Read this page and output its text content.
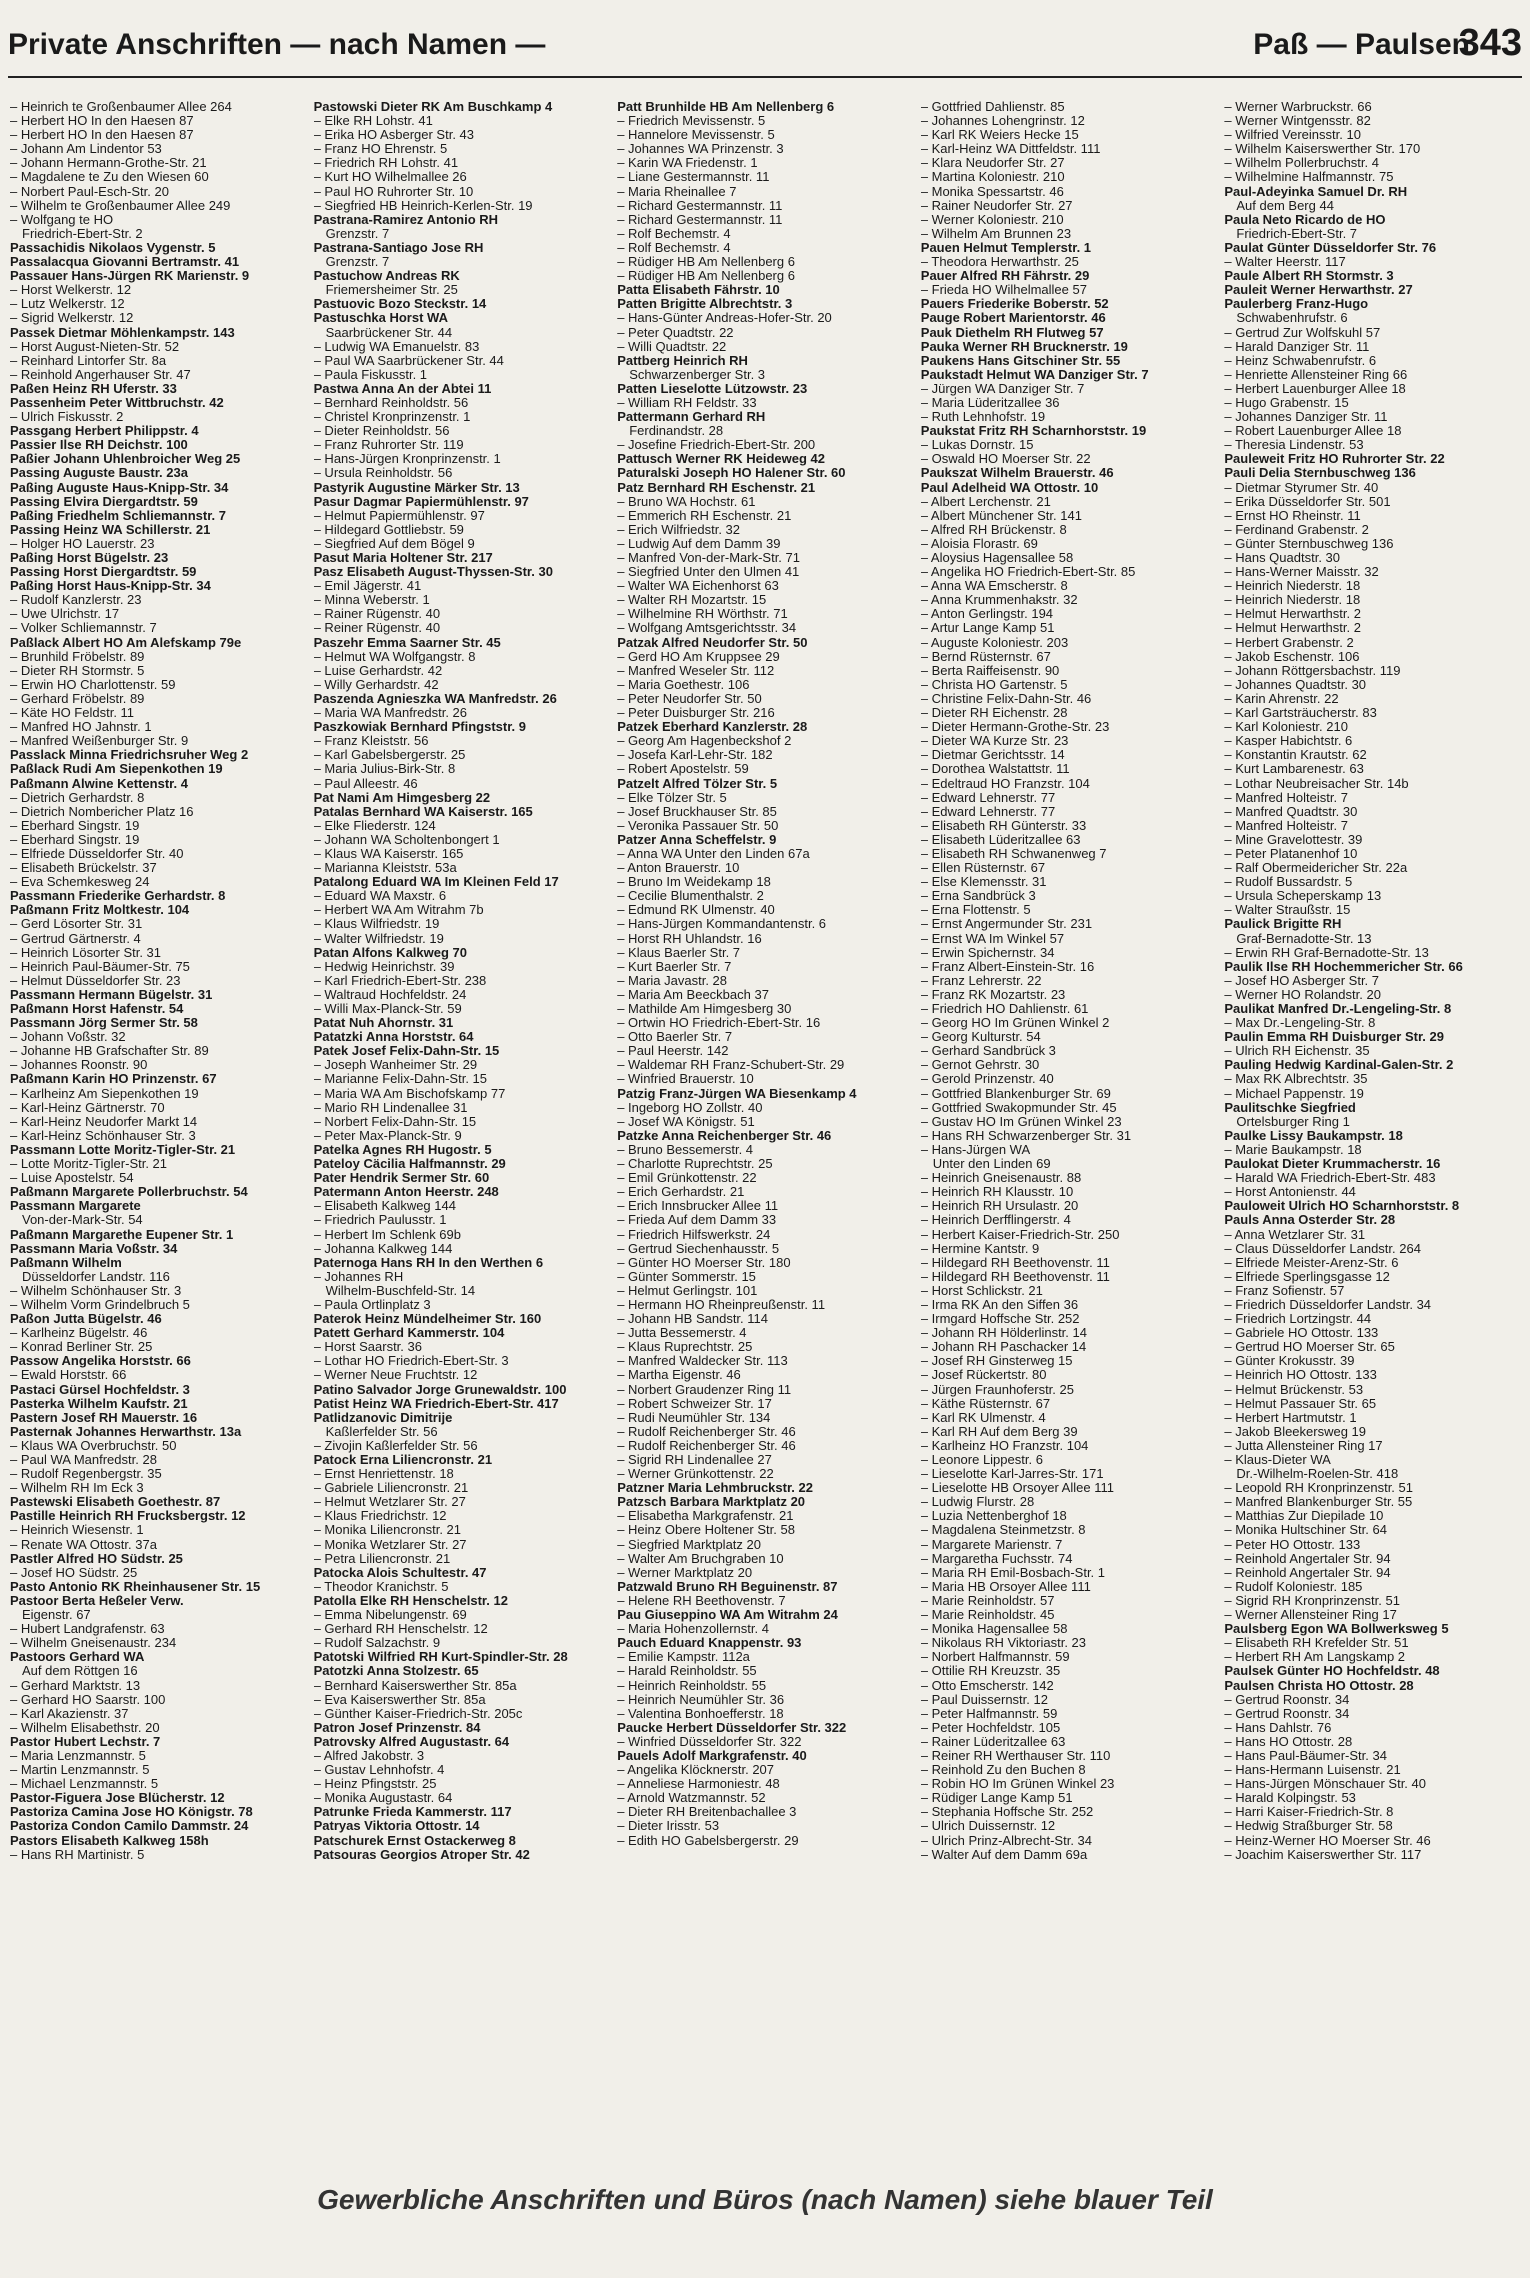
Private Anschriften — nach Namen —	Paß — Paulsen
343
– Heinrich te Großenbaumer Allee 264
– Herbert HO In den Haesen 87
– Herbert HO In den Haesen 87
– Johann Am Lindentor 53
– Johann Hermann-Grothe-Str. 21
– Magdalene te Zu den Wiesen 60
– Norbert Paul-Esch-Str. 20
– Wilhelm te Großenbaumer Allee 249
– Wolfgang te HO
Friedrich-Ebert-Str. 2
Passachidis Nikolaos Vygenstr. 5
Passalacqua Giovanni Bertramstr. 41
Passauer Hans-Jürgen RK Marienstr. 9
– Horst Welkerstr. 12
– Lutz Welkerstr. 12
– Sigrid Welkerstr. 12
Passek Dietmar Möhlenkampstr. 143
– Horst August-Nieten-Str. 52
– Reinhard Lintorfer Str. 8a
– Reinhold Angerhauser Str. 47
Paßen Heinz RH Uferstr. 33
Passenheim Peter Wittbruchstr. 42
– Ulrich Fiskusstr. 2
Passgang Herbert Philippstr. 4
Passier Ilse RH Deichstr. 100
Paßier Johann Uhlenbroicher Weg 25
Passing Auguste Baustr. 23a
Paßing Auguste Haus-Knipp-Str. 34
Passing Elvira Diergardtstr. 59
Paßing Friedhelm Schliemannstr. 7
Passing Heinz WA Schillerstr. 21
– Holger HO Lauerstr. 23
Paßing Horst Bügelstr. 23
Passing Horst Diergardtstr. 59
Paßing Horst Haus-Knipp-Str. 34
– Rudolf Kanzlerstr. 23
– Uwe Ulrichstr. 17
– Volker Schliemannstr. 7
Paßlack Albert HO Am Alefskamp 79e
– Brunhild Fröbelstr. 89
– Dieter RH Stormstr. 5
– Erwin HO Charlottenstr. 59
– Gerhard Fröbelstr. 89
– Käte HO Feldstr. 11
– Manfred HO Jahnstr. 1
– Manfred Weißenburger Str. 9
Passlack Minna Friedrichsruher Weg 2
Paßlack Rudi Am Siepenkothen 19
Paßmann Alwine Kettenstr. 4
– Dietrich Gerhardstr. 8
– Dietrich Nombericher Platz 16
– Eberhard Singstr. 19
– Eberhard Singstr. 19
– Elfriede Düsseldorfer Str. 40
– Elisabeth Brückelstr. 37
– Eva Schemkesweg 24
Passmann Friederike Gerhardstr. 8
Paßmann Fritz Moltkestr. 104
– Gerd Lösorter Str. 31
– Gertrud Gärtnerstr. 4
– Heinrich Lösorter Str. 31
– Heinrich Paul-Bäumer-Str. 75
– Helmut Düsseldorfer Str. 23
Passmann Hermann Bügelstr. 31
Paßmann Horst Hafenstr. 54
Passmann Jörg Sermer Str. 58
– Johann Voßstr. 32
– Johanne HB Grafschafter Str. 89
– Johannes Roonstr. 90
Paßmann Karin HO Prinzenstr. 67
– Karlheinz Am Siepenkothen 19
– Karl-Heinz Gärtnerstr. 70
– Karl-Heinz Neudorfer Markt 14
– Karl-Heinz Schönhauser Str. 3
Passmann Lotte Moritz-Tigler-Str. 21
– Lotte Moritz-Tigler-Str. 21
– Luise Apostelstr. 54
Paßmann Margarete Pollerbruchstr. 54
Passmann Margarete
Von-der-Mark-Str. 54
Paßmann Margarethe Eupener Str. 1
Passmann Maria Voßstr. 34
Paßmann Wilhelm
Düsseldorfer Landstr. 116
– Wilhelm Schönhauser Str. 3
– Wilhelm Vorm Grindelbruch 5
Paßon Jutta Bügelstr. 46
– Karlheinz Bügelstr. 46
– Konrad Berliner Str. 25
Passow Angelika Horststr. 66
– Ewald Horststr. 66
Pastaci Gürsel Hochfeldstr. 3
Pasterka Wilhelm Kaufstr. 21
Pastern Josef RH Mauerstr. 16
Pasternak Johannes Herwarthstr. 13a
– Klaus WA Overbruchstr. 50
– Paul WA Manfredstr. 28
– Rudolf Regenbergstr. 35
– Wilhelm RH Im Eck 3
Pastewski Elisabeth Goethestr. 87
Pastille Heinrich RH Frucksbergstr. 12
– Heinrich Wiesenstr. 1
– Renate WA Ottostr. 37a
Pastler Alfred HO Südstr. 25
– Josef HO Südstr. 25
Pasto Antonio RK Rheinhausener Str. 15
Pastoor Berta Heßeler Verw.
Eigenstr. 67
– Hubert Landgrafenstr. 63
– Wilhelm Gneisenaustr. 234
Pastoors Gerhard WA
Auf dem Röttgen 16
– Gerhard Marktstr. 13
– Gerhard HO Saarstr. 100
– Karl Akazienstr. 37
– Wilhelm Elisabethstr. 20
Pastor Hubert Lechstr. 7
– Maria Lenzmannstr. 5
– Martin Lenzmannstr. 5
– Michael Lenzmannstr. 5
Pastor-Figuera Jose Blücherstr. 12
Pastoriza Camina Jose HO Königstr. 78
Pastoriza Condon Camilo Dammstr. 24
Pastors Elisabeth Kalkweg 158h
– Hans RH Martinistr. 5
Pastowski Dieter RK Am Buschkamp 4
– Elke RH Lohstr. 41
– Erika HO Asberger Str. 43
– Franz HO Ehrenstr. 5
– Friedrich RH Lohstr. 41
– Kurt HO Wilhelmallee 26
– Paul HO Ruhrorter Str. 10
– Siegfried HB Heinrich-Kerlen-Str. 19
Pastrana-Ramirez Antonio RH
Grenzstr. 7
Pastrana-Santiago Jose RH
Grenzstr. 7
Pastuchow Andreas RK
Friemersheimer Str. 25
Pastuovic Bozo Steckstr. 14
Pastuschka Horst WA
Saarbrückener Str. 44
– Ludwig WA Emanuelstr. 83
– Paul WA Saarbrückener Str. 44
– Paula Fiskusstr. 1
Pastwa Anna An der Abtei 11
– Bernhard Reinholdstr. 56
– Christel Kronprinzenstr. 1
– Dieter Reinholdstr. 56
– Franz Ruhrorter Str. 119
– Hans-Jürgen Kronprinzenstr. 1
– Ursula Reinholdstr. 56
Pastyrik Augustine Märker Str. 13
Pasur Dagmar Papiermühlenstr. 97
– Helmut Papiermühlenstr. 97
– Hildegard Gottliebstr. 59
– Siegfried Auf dem Bögel 9
Pasut Maria Holtener Str. 217
Pasz Elisabeth August-Thyssen-Str. 30
– Emil Jägerstr. 41
– Minna Weberstr. 1
– Rainer Rügenstr. 40
– Reiner Rügenstr. 40
Paszehr Emma Saarner Str. 45
– Helmut WA Wolfgangstr. 8
– Luise Gerhardstr. 42
– Willy Gerhardstr. 42
Paszenda Agnieszka WA Manfredstr. 26
– Maria WA Manfredstr. 26
Paszkowiak Bernhard Pfingststr. 9
– Franz Kleiststr. 56
– Karl Gabelsbergerstr. 25
– Maria Julius-Birk-Str. 8
– Paul Alleestr. 46
Pat Nami Am Himgesberg 22
Patalas Bernhard WA Kaiserstr. 165
– Elke Fliederstr. 124
– Johann WA Scholtenbongert 1
– Klaus WA Kaiserstr. 165
– Marianna Kleiststr. 53a
Patalong Eduard WA Im Kleinen Feld 17
– Eduard WA Maxstr. 6
– Herbert WA Am Witrahm 7b
– Klaus Wilfriedstr. 19
– Walter Wilfriedstr. 19
Patan Alfons Kalkweg 70
– Hedwig Heinrichstr. 39
– Karl Friedrich-Ebert-Str. 238
– Waltraud Hochfeldstr. 24
– Willi Max-Planck-Str. 59
Patat Nuh Ahornstr. 31
Patatzki Anna Horststr. 64
Patek Josef Felix-Dahn-Str. 15
– Joseph Wanheimer Str. 29
– Marianne Felix-Dahn-Str. 15
– Maria WA Am Bischofskamp 77
– Mario RH Lindenallee 31
– Norbert Felix-Dahn-Str. 15
– Peter Max-Planck-Str. 9
Patelka Agnes RH Hugostr. 5
Pateloy Cäcilia Halfmannstr. 29
Pater Hendrik Sermer Str. 60
Patermann Anton Heerstr. 248
– Elisabeth Kalkweg 144
– Friedrich Paulusstr. 1
– Herbert Im Schlenk 69b
– Johanna Kalkweg 144
Paternoga Hans RH In den Werthen 6
– Johannes RH
Wilhelm-Buschfeld-Str. 14
– Paula Ortlinplatz 3
Paterok Heinz Mündelheimer Str. 160
Patett Gerhard Kammerstr. 104
– Horst Saarstr. 36
– Lothar HO Friedrich-Ebert-Str. 3
– Werner Neue Fruchtstr. 12
Patino Salvador Jorge Grunewaldstr. 100
Patist Heinz WA Friedrich-Ebert-Str. 417
Patlidzanovic Dimitrije
Kaßlerfelder Str. 56
– Zivojin Kaßlerfelder Str. 56
Patock Erna Liliencronstr. 21
– Ernst Henriettenstr. 18
– Gabriele Liliencronstr. 21
– Helmut Wetzlarer Str. 27
– Klaus Friedrichstr. 12
– Monika Liliencronstr. 21
– Monika Wetzlarer Str. 27
– Petra Liliencronstr. 21
Patocka Alois Schultestr. 47
– Theodor Kranichstr. 5
Patolla Elke RH Henschelstr. 12
– Emma Nibelungenstr. 69
– Gerhard RH Henschelstr. 12
– Rudolf Salzachstr. 9
Patotski Wilfried RH Kurt-Spindler-Str. 28
Patotzki Anna Stolzestr. 65
– Bernhard Kaiserswerther Str. 85a
– Eva Kaiserswerther Str. 85a
– Günther Kaiser-Friedrich-Str. 205c
Patron Josef Prinzenstr. 84
Patrovsky Alfred Augustastr. 64
– Alfred Jakobstr. 3
– Gustav Lehnhofstr. 4
– Heinz Pfingststr. 25
– Monika Augustastr. 64
Patrunke Frieda Kammerstr. 117
Patryas Viktoria Ottostr. 14
Patschurek Ernst Ostackerweg 8
Patsouras Georgios Atroper Str. 42
Patt Brunhilde HB Am Nellenberg 6
– Friedrich Mevissenstr. 5
– Hannelore Mevissenstr. 5
– Johannes WA Prinzenstr. 3
– Karin WA Friedenstr. 1
– Liane Gestermannstr. 11
– Maria Rheinallee 7
– Richard Gestermannstr. 11
– Richard Gestermannstr. 11
– Rolf Bechemstr. 4
– Rolf Bechemstr. 4
– Rüdiger HB Am Nellenberg 6
– Rüdiger HB Am Nellenberg 6
Patta Elisabeth Fährstr. 10
Patten Brigitte Albrechtstr. 3
– Hans-Günter Andreas-Hofer-Str. 20
– Peter Quadtstr. 22
– Willi Quadtstr. 22
Pattberg Heinrich RH
Schwarzenberger Str. 3
Patten Lieselotte Lützowstr. 23
– William RH Feldstr. 33
Pattermann Gerhard RH
Ferdinandstr. 28
– Josefine Friedrich-Ebert-Str. 200
Pattusch Werner RK Heideweg 42
Paturalski Joseph HO Halener Str. 60
Patz Bernhard RH Eschenstr. 21
– Bruno WA Hochstr. 61
– Emmerich RH Eschenstr. 21
– Erich Wilfriedstr. 32
– Ludwig Auf dem Damm 39
– Manfred Von-der-Mark-Str. 71
– Siegfried Unter den Ulmen 41
– Walter WA Eichenhorst 63
– Walter RH Mozartstr. 15
– Wilhelmine RH Wörthstr. 71
– Wolfgang Amtsgerichtsstr. 34
Patzak Alfred Neudorfer Str. 50
– Gerd HO Am Kruppsee 29
– Manfred Weseler Str. 112
– Maria Goethestr. 106
– Peter Neudorfer Str. 50
– Peter Duisburger Str. 216
Patzek Eberhard Kanzlerstr. 28
– Georg Am Hagenbeckshof 2
– Josefa Karl-Lehr-Str. 182
– Robert Apostelstr. 59
Patzelt Alfred Tölzer Str. 5
– Elke Tölzer Str. 5
– Josef Bruckhauser Str. 85
– Veronika Passauer Str. 50
Patzer Anna Scheffelstr. 9
– Anna WA Unter den Linden 67a
– Anton Brauerstr. 10
– Bruno Im Weidekamp 18
– Cecilie Blumenthalstr. 2
– Edmund RK Ulmenstr. 40
– Hans-Jürgen Kommandantenstr. 6
– Horst RH Uhlandstr. 16
– Klaus Baerler Str. 7
– Kurt Baerler Str. 7
– Maria Javastr. 28
– Maria Am Beeckbach 37
– Mathilde Am Himgesberg 30
– Ortwin HO Friedrich-Ebert-Str. 16
– Otto Baerler Str. 7
– Paul Heerstr. 142
– Waldemar RH Franz-Schubert-Str. 29
– Winfried Brauerstr. 10
Patzig Franz-Jürgen WA Biesenkamp 4
– Ingeborg HO Zollstr. 40
– Josef WA Königstr. 51
Patzke Anna Reichenberger Str. 46
– Bruno Bessemerstr. 4
– Charlotte Ruprechtstr. 25
– Emil Grünkottenstr. 22
– Erich Gerhardstr. 21
– Erich Innsbrucker Allee 11
– Frieda Auf dem Damm 33
– Friedrich Hilfswerkstr. 24
– Gertrud Siechenhausstr. 5
– Günter HO Moerser Str. 180
– Günter Sommerstr. 15
– Helmut Gerlingstr. 101
– Hermann HO Rheinpreußenstr. 11
– Johann HB Sandstr. 114
– Jutta Bessemerstr. 4
– Klaus Ruprechtstr. 25
– Manfred Waldecker Str. 113
– Martha Eigenstr. 46
– Norbert Graudenzer Ring 11
– Robert Schweizer Str. 17
– Rudi Neumühler Str. 134
– Rudolf Reichenberger Str. 46
– Rudolf Reichenberger Str. 46
– Sigrid RH Lindenallee 27
– Werner Grünkottenstr. 22
Patzner Maria Lehmbruckstr. 22
Patzsch Barbara Marktplatz 20
– Elisabetha Markgrafenstr. 21
– Heinz Obere Holtener Str. 58
– Siegfried Marktplatz 20
– Walter Am Bruchgraben 10
– Werner Marktplatz 20
Patzwald Bruno RH Beguinenstr. 87
– Helene RH Beethovenstr. 7
Pau Giuseppino WA Am Witrahm 24
– Maria Hohenzollernstr. 4
Pauch Eduard Knappenstr. 93
– Emilie Kampstr. 112a
– Harald Reinholdstr. 55
– Heinrich Reinholdstr. 55
– Heinrich Neumühler Str. 36
– Valentina Bonhoefferstr. 18
Paucke Herbert Düsseldorfer Str. 322
– Winfried Düsseldorfer Str. 322
Pauels Adolf Markgrafenstr. 40
– Angelika Klöcknerstr. 207
– Anneliese Harmoniestr. 48
– Arnold Watzmannstr. 52
– Dieter RH Breitenbachallee 3
– Dieter Irisstr. 53
– Edith HO Gabelsbergerstr. 29
– Gottfried Dahlienstr. 85
– Johannes Lohengrinstr. 12
– Karl RK Weiers Hecke 15
– Karl-Heinz WA Dittfeldstr. 111
– Klara Neudorfer Str. 27
– Martina Koloniestr. 210
– Monika Spessartstr. 46
– Rainer Neudorfer Str. 27
– Werner Koloniestr. 210
– Wilhelm Am Brunnen 23
Pauen Helmut Templerstr. 1
– Theodora Herwarthstr. 25
Pauer Alfred RH Fährstr. 29
– Frieda HO Wilhelmallee 57
Pauers Friederike Boberstr. 52
Pauge Robert Marientorstr. 46
Pauk Diethelm RH Flutweg 57
Pauka Werner RH Brucknerstr. 19
Paukens Hans Gitschiner Str. 55
Paukstadt Helmut WA Danziger Str. 7
– Jürgen WA Danziger Str. 7
– Maria Lüderitzallee 36
– Ruth Lehnhofstr. 19
Paukstat Fritz RH Scharnhorststr. 19
– Lukas Dornstr. 15
– Oswald HO Moerser Str. 22
Paukszat Wilhelm Brauerstr. 46
Paul Adelheid WA Ottostr. 10
– Albert Lerchenstr. 21
– Albert Münchener Str. 141
– Alfred RH Brückenstr. 8
– Aloisia Florastr. 69
– Aloysius Hagensallee 58
– Angelika HO Friedrich-Ebert-Str. 85
– Anna WA Emscherstr. 8
– Anna Krummenhakstr. 32
– Anton Gerlingstr. 194
– Artur Lange Kamp 51
– Auguste Koloniestr. 203
– Bernd Rüsternstr. 67
– Berta Raiffeisenstr. 90
– Christa HO Gartenstr. 5
– Christine Felix-Dahn-Str. 46
– Dieter RH Eichenstr. 28
– Dieter Hermann-Grothe-Str. 23
– Dieter WA Kurze Str. 23
– Dietmar Gerichtsstr. 14
– Dorothea Walstattstr. 11
– Edeltraud HO Franzstr. 104
– Edward Lehnerstr. 77
– Edward Lehnerstr. 77
– Elisabeth RH Günterstr. 33
– Elisabeth Lüderitzallee 63
– Elisabeth RH Schwanenweg 7
– Ellen Rüsternstr. 67
– Else Klemensstr. 31
– Erna Sandbrück 3
– Erna Flottenstr. 5
– Ernst Angermunder Str. 231
– Ernst WA Im Winkel 57
– Erwin Spichernstr. 34
– Franz Albert-Einstein-Str. 16
– Franz Lehrerstr. 22
– Franz RK Mozartstr. 23
– Friedrich HO Dahlienstr. 61
– Georg HO Im Grünen Winkel 2
– Georg Kulturstr. 54
– Gerhard Sandbrück 3
– Gernot Gehrstr. 30
– Gerold Prinzenstr. 40
– Gottfried Blankenburger Str. 69
– Gottfried Swakopmunder Str. 45
– Gustav HO Im Grünen Winkel 23
– Hans RH Schwarzenberger Str. 31
– Hans-Jürgen WA
Unter den Linden 69
– Heinrich Gneisenaustr. 88
– Heinrich RH Klausstr. 10
– Heinrich RH Ursulastr. 20
– Heinrich Derfflingerstr. 4
– Herbert Kaiser-Friedrich-Str. 250
– Hermine Kantstr. 9
– Hildegard RH Beethovenstr. 11
– Hildegard RH Beethovenstr. 11
– Horst Schlickstr. 21
– Irma RK An den Siffen 36
– Irmgard Hoffsche Str. 252
– Johann RH Hölderlinstr. 14
– Johann RH Paschacker 14
– Josef RH Ginsterweg 15
– Josef Rückertstr. 80
– Jürgen Fraunhoferstr. 25
– Käthe Rüsternstr. 67
– Karl RK Ulmenstr. 4
– Karl RH Auf dem Berg 39
– Karlheinz HO Franzstr. 104
– Leonore Lippestr. 6
– Lieselotte Karl-Jarres-Str. 171
– Lieselotte HB Orsoyer Allee 111
– Ludwig Flurstr. 28
– Luzia Nettenberghof 18
– Magdalena Steinmetzstr. 8
– Margarete Marienstr. 7
– Margaretha Fuchsstr. 74
– Maria RH Emil-Bosbach-Str. 1
– Maria HB Orsoyer Allee 111
– Marie Reinholdstr. 57
– Marie Reinholdstr. 45
– Monika Hagensallee 58
– Nikolaus RH Viktoriastr. 23
– Norbert Halfmannstr. 59
– Ottilie RH Kreuzstr. 35
– Otto Emscherstr. 142
– Paul Duissernstr. 12
– Peter Halfmannstr. 59
– Peter Hochfeldstr. 105
– Rainer Lüderitzallee 63
– Reiner RH Werthauser Str. 110
– Reinhold Zu den Buchen 8
– Robin HO Im Grünen Winkel 23
– Rüdiger Lange Kamp 51
– Stephania Hoffsche Str. 252
– Ulrich Duissernstr. 12
– Ulrich Prinz-Albrecht-Str. 34
– Walter Auf dem Damm 69a
– Werner Warbruckstr. 66
– Werner Wintgensstr. 82
– Wilfried Vereinsstr. 10
– Wilhelm Kaiserswerther Str. 170
– Wilhelm Pollerbruchstr. 4
– Wilhelmine Halfmannstr. 75
Paul-Adeyinka Samuel Dr. RH
Auf dem Berg 44
Paula Neto Ricardo de HO
Friedrich-Ebert-Str. 7
Paulat Günter Düsseldorfer Str. 76
– Walter Heerstr. 117
Paule Albert RH Stormstr. 3
Pauleit Werner Herwarthstr. 27
Paulerberg Franz-Hugo
Schwabenhrufstr. 6
– Gertrud Zur Wolfskuhl 57
– Harald Danziger Str. 11
– Heinz Schwabenrufstr. 6
– Henriette Allensteiner Ring 66
– Herbert Lauenburger Allee 18
– Hugo Grabenstr. 15
– Johannes Danziger Str. 11
– Robert Lauenburger Allee 18
– Theresia Lindenstr. 53
Pauleweit Fritz HO Ruhrorter Str. 22
Pauli Delia Sternbuschweg 136
– Dietmar Styrumer Str. 40
– Erika Düsseldorfer Str. 501
– Ernst HO Rheinstr. 11
– Ferdinand Grabenstr. 2
– Günter Sternbuschweg 136
– Hans Quadtstr. 30
– Hans-Werner Maisstr. 32
– Heinrich Niederstr. 18
– Heinrich Niederstr. 18
– Helmut Herwarthstr. 2
– Helmut Herwarthstr. 2
– Herbert Grabenstr. 2
– Jakob Eschenstr. 106
– Johann Röttgersbachstr. 119
– Johannes Quadtstr. 30
– Karin Ahrenstr. 22
– Karl Gartsträucherstr. 83
– Karl Koloniestr. 210
– Kasper Habichtstr. 6
– Konstantin Krautstr. 62
– Kurt Lambarenestr. 63
– Lothar Neubreisacher Str. 14b
– Manfred Holteistr. 7
– Manfred Quadtstr. 30
– Manfred Holteistr. 7
– Mine Gravelottestr. 39
– Peter Platanenhof 10
– Ralf Obermeidericher Str. 22a
– Rudolf Bussardstr. 5
– Ursula Scheperskamp 13
– Walter Straußstr. 15
Paulick Brigitte RH
Graf-Bernadotte-Str. 13
– Erwin RH Graf-Bernadotte-Str. 13
Paulik Ilse RH Hochemmericher Str. 66
– Josef HO Asberger Str. 7
– Werner HO Rolandstr. 20
Paulikat Manfred Dr.-Lengeling-Str. 8
– Max Dr.-Lengeling-Str. 8
Paulin Emma RH Duisburger Str. 29
– Ulrich RH Eichenstr. 35
Pauling Hedwig Kardinal-Galen-Str. 2
– Max RK Albrechtstr. 35
– Michael Pappenstr. 19
Paulitschke Siegfried
Ortelsburger Ring 1
Paulke Lissy Baukampstr. 18
– Marie Baukampstr. 18
Paulokat Dieter Krummacherstr. 16
– Harald WA Friedrich-Ebert-Str. 483
– Horst Antonienstr. 44
Pauloweit Ulrich HO Scharnhorststr. 8
Pauls Anna Osterder Str. 28
– Anna Wetzlarer Str. 31
– Claus Düsseldorfer Landstr. 264
– Elfriede Meister-Arenz-Str. 6
– Elfriede Sperlingsgasse 12
– Franz Sofienstr. 57
– Friedrich Düsseldorfer Landstr. 34
– Friedrich Lortzingstr. 44
– Gabriele HO Ottostr. 133
– Gertrud HO Moerser Str. 65
– Günter Krokusstr. 39
– Heinrich HO Ottostr. 133
– Helmut Brückenstr. 53
– Helmut Passauer Str. 65
– Herbert Hartmutstr. 1
– Jakob Bleekersweg 19
– Jutta Allensteiner Ring 17
– Klaus-Dieter WA
Dr.-Wilhelm-Roelen-Str. 418
– Leopold RH Kronprinzenstr. 51
– Manfred Blankenburger Str. 55
– Matthias Zur Diepilade 10
– Monika Hultschiner Str. 64
– Peter HO Ottostr. 133
– Reinhold Angertaler Str. 94
– Reinhold Angertaler Str. 94
– Rudolf Koloniestr. 185
– Sigrid RH Kronprinzenstr. 51
– Werner Allensteiner Ring 17
Paulsberg Egon WA Bollwerksweg 5
– Elisabeth RH Krefelder Str. 51
– Herbert RH Am Langskamp 2
Paulsek Günter HO Hochfeldstr. 48
Paulsen Christa HO Ottostr. 28
– Gertrud Roonstr. 34
– Gertrud Roonstr. 34
– Hans Dahlstr. 76
– Hans HO Ottostr. 28
– Hans Paul-Bäumer-Str. 34
– Hans-Hermann Luisenstr. 21
– Hans-Jürgen Mönschauer Str. 40
– Harald Kolpingstr. 53
– Harri Kaiser-Friedrich-Str. 8
– Hedwig Straßburger Str. 58
– Heinz-Werner HO Moerser Str. 46
– Joachim Kaiserswerther Str. 117
Gewerbliche Anschriften und Büros (nach Namen) siehe blauer Teil
